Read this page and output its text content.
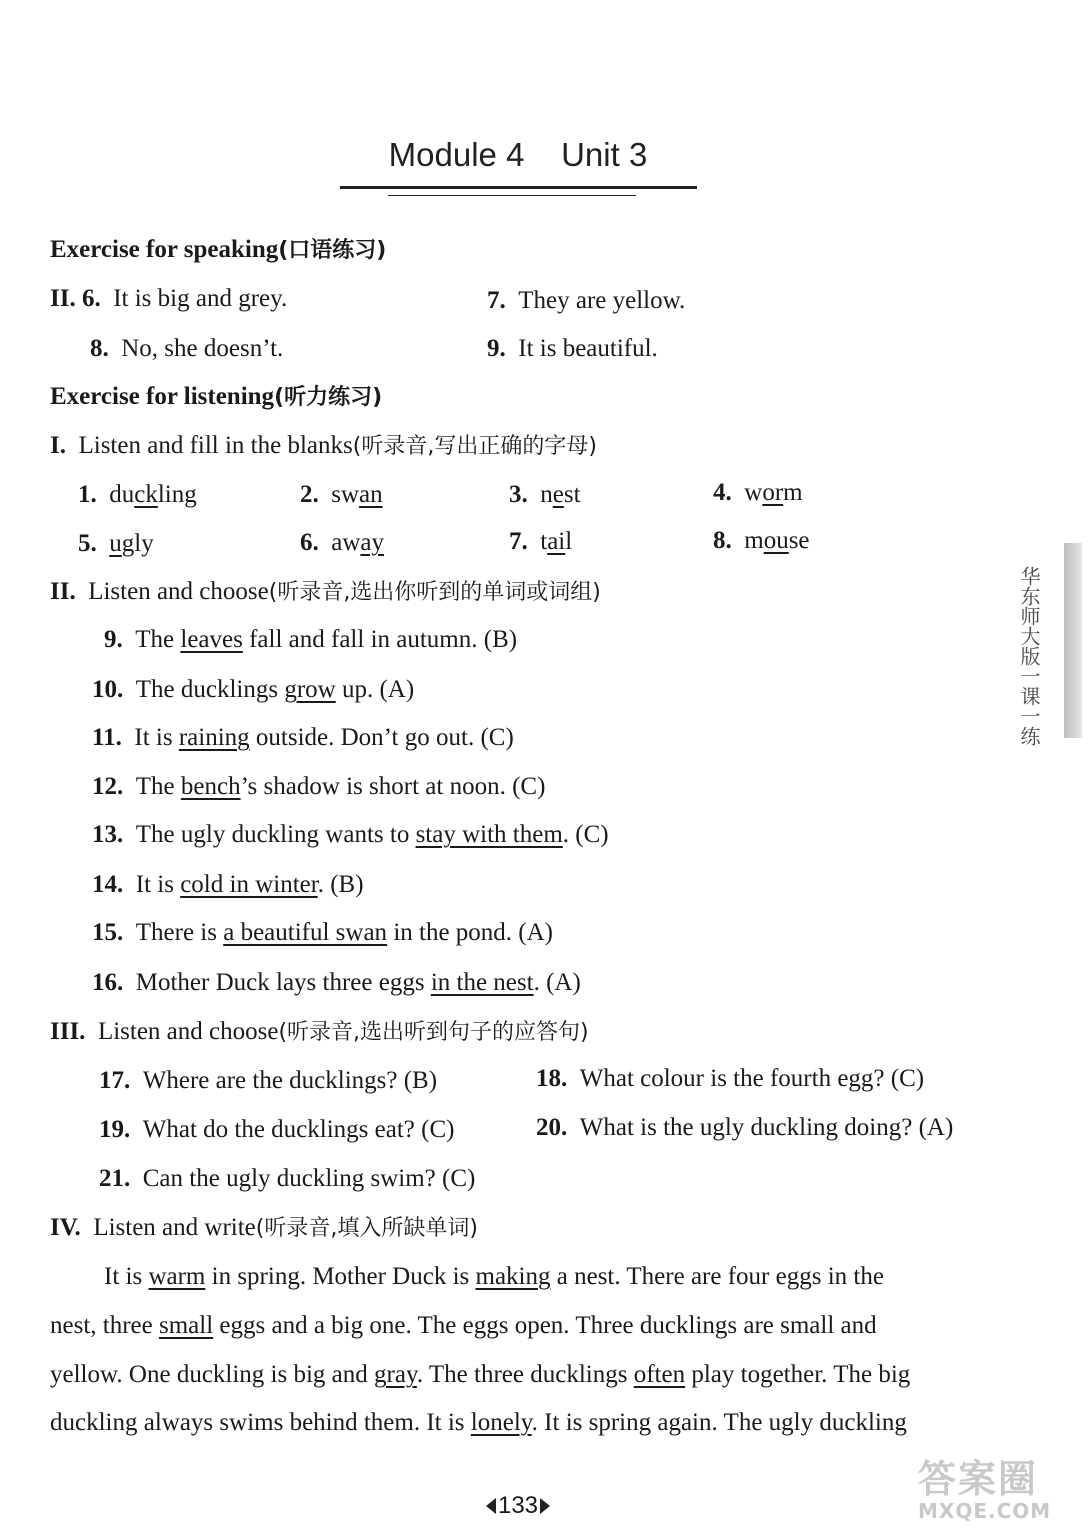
Module 4    Unit 3
Exercise for speaking(口语练习)
II. 6. It is big and grey.	7. They are yellow.
8. No, she doesn’t.	9. It is beautiful.
Exercise for listening(听力练习)
I. Listen and fill in the blanks(听录音,写出正确的字母)
1. duckling	2. swan	3. nest	4. worm
5. ugly	6. away	7. tail	8. mouse
II. Listen and choose(听录音,选出你听到的单词或词组)
9. The leaves fall and fall in autumn. (B)
10. The ducklings grow up. (A)
11. It is raining outside. Don’t go out. (C)
12. The bench’s shadow is short at noon. (C)
13. The ugly duckling wants to stay with them. (C)
14. It is cold in winter. (B)
15. There is a beautiful swan in the pond. (A)
16. Mother Duck lays three eggs in the nest. (A)
III. Listen and choose(听录音,选出听到句子的应答句)
17. Where are the ducklings? (B)	18. What colour is the fourth egg? (C)
19. What do the ducklings eat? (C)	20. What is the ugly duckling doing? (A)
21. Can the ugly duckling swim? (C)
IV. Listen and write(听录音,填入所缺单词)
It is warm in spring. Mother Duck is making a nest. There are four eggs in the
nest, three small eggs and a big one. The eggs open. Three ducklings are small and
yellow. One duckling is big and gray. The three ducklings often play together. The big
duckling always swims behind them. It is lonely. It is spring again. The ugly duckling
133
华东师大版一课一练
答案圈
MXQE.COM
